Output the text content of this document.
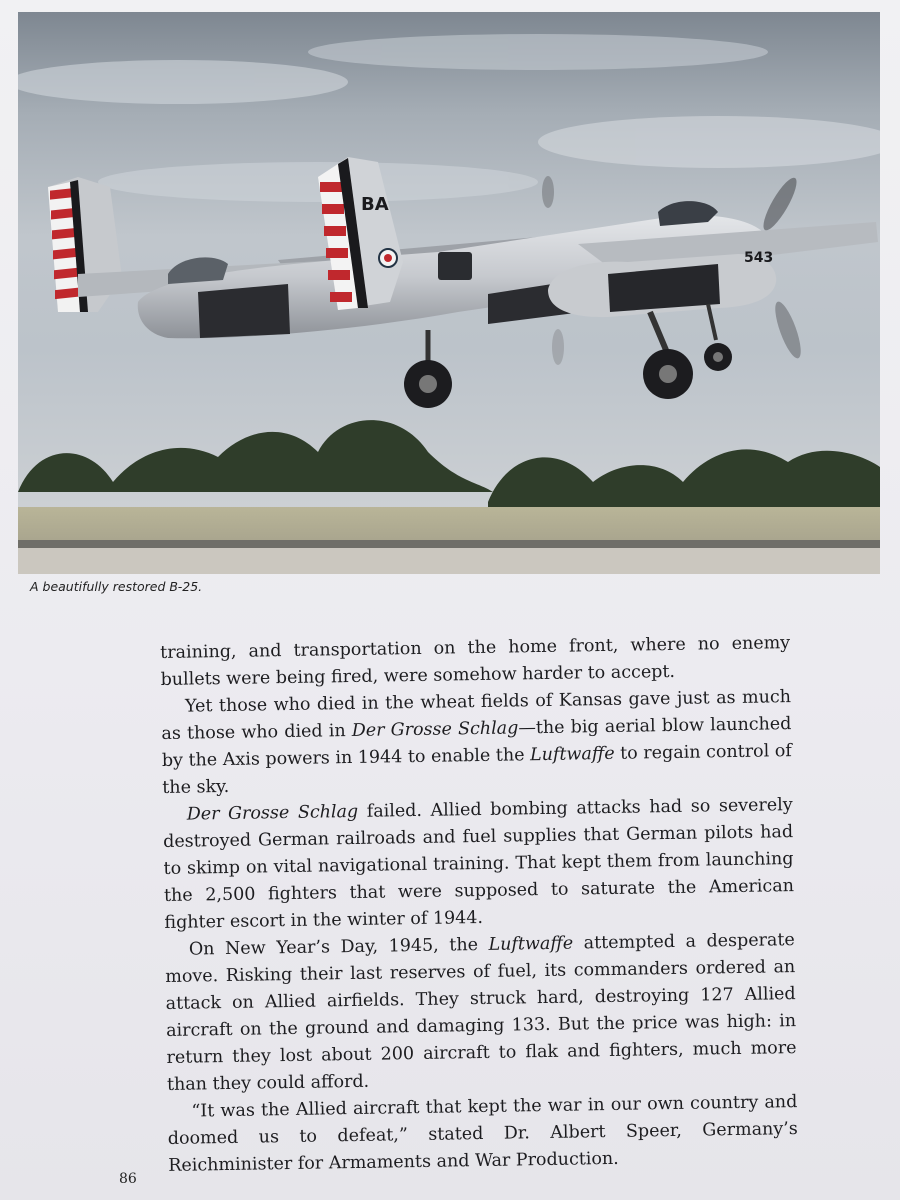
BA
543
A beautifully restored B-25.

training, and transportation on the home front, where no enemy bullets were being fired, were somehow harder to accept.

Yet those who died in the wheat fields of Kansas gave just as much as those who died in Der Grosse Schlag—the big aerial blow launched by the Axis powers in 1944 to enable the Luftwaffe to regain control of the sky.

Der Grosse Schlag failed. Allied bombing attacks had so severely destroyed German railroads and fuel supplies that German pilots had to skimp on vital navigational training. That kept them from launching the 2,500 fighters that were supposed to saturate the American fighter escort in the winter of 1944.

On New Year’s Day, 1945, the Luftwaffe attempted a desperate move. Risking their last reserves of fuel, its commanders ordered an attack on Allied airfields. They struck hard, destroying 127 Allied aircraft on the ground and damaging 133. But the price was high: in return they lost about 200 aircraft to flak and fighters, much more than they could afford.

“It was the Allied aircraft that kept the war in our own country and doomed us to defeat,” stated Dr. Albert Speer, Germany’s Reichminister for Armaments and War Production.

86
